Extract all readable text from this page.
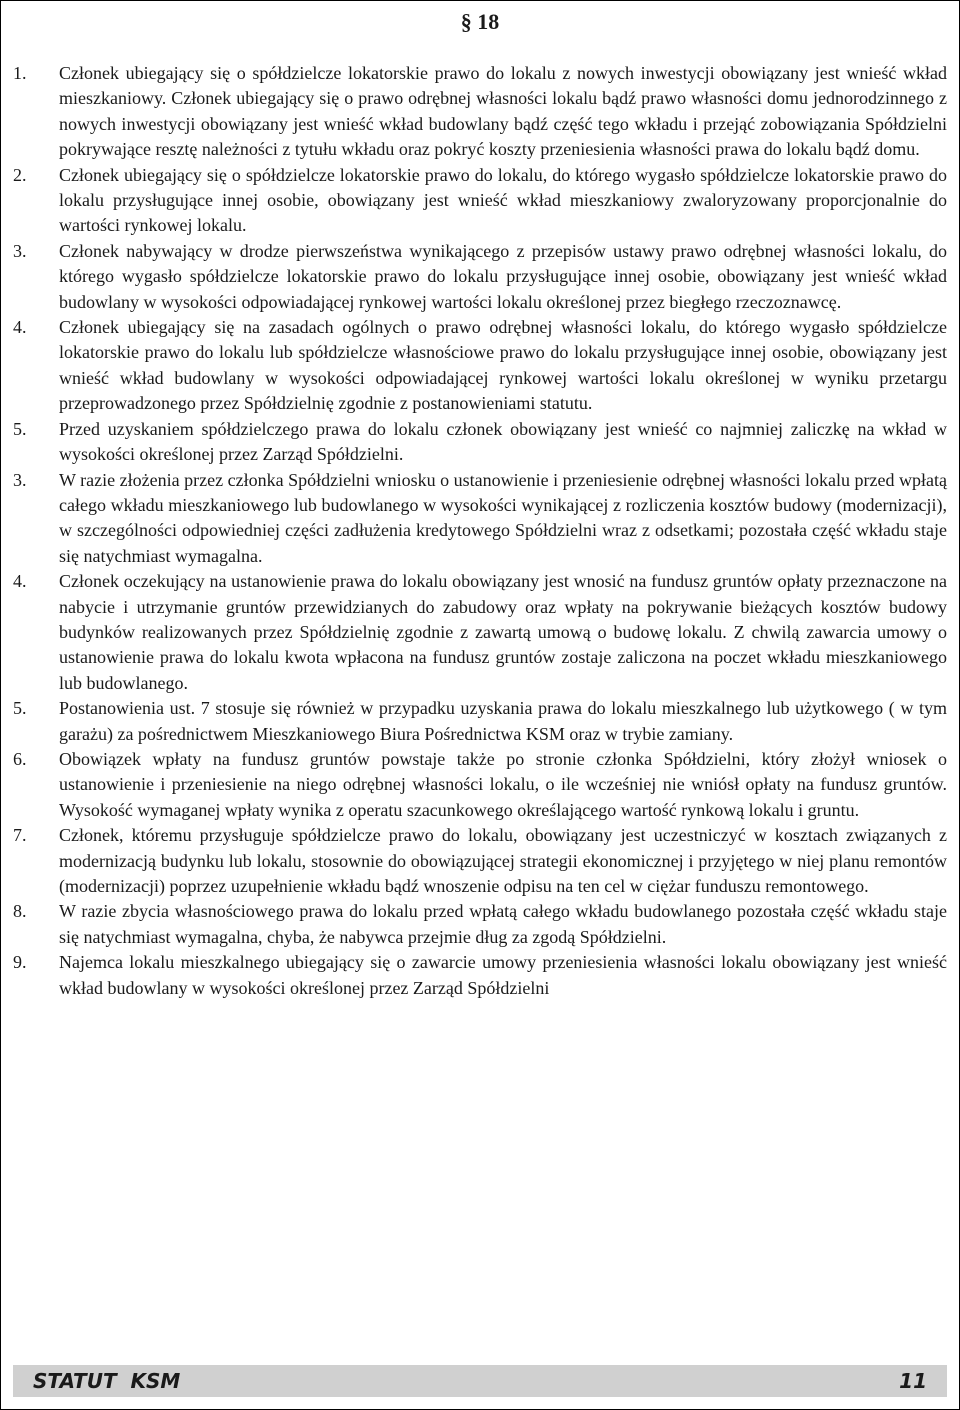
§ 18
1. Członek ubiegający się o spółdzielcze lokatorskie prawo do lokalu z nowych inwestycji obowiązany jest wnieść wkład mieszkaniowy. Członek ubiegający się o prawo odrębnej własności lokalu bądź prawo własności domu jednorodzinnego z nowych inwestycji obowiązany jest wnieść wkład budowlany bądź część tego wkładu i przejąć zobowiązania Spółdzielni pokrywające resztę należności z tytułu wkładu oraz pokryć koszty przeniesienia własności prawa do lokalu bądź domu.
2. Członek ubiegający się o spółdzielcze lokatorskie prawo do lokalu, do którego wygasło spółdzielcze lokatorskie prawo do lokalu przysługujące innej osobie, obowiązany jest wnieść wkład mieszkaniowy zwaloryzowany proporcjonalnie do wartości rynkowej lokalu.
3. Członek nabywający w drodze pierwszeństwa wynikającego z przepisów ustawy prawo odrębnej własności lokalu, do którego wygasło spółdzielcze lokatorskie prawo do lokalu przysługujące innej osobie, obowiązany jest wnieść wkład budowlany w wysokości odpowiadającej rynkowej wartości lokalu określonej przez biegłego rzeczoznawcę.
4. Członek ubiegający się na zasadach ogólnych o prawo odrębnej własności lokalu, do którego wygasło spółdzielcze lokatorskie prawo do lokalu lub spółdzielcze własnościowe prawo do lokalu przysługujące innej osobie, obowiązany jest wnieść wkład budowlany w wysokości odpowiadającej rynkowej wartości lokalu określonej w wyniku przetargu przeprowadzonego przez Spółdzielnię zgodnie z postanowieniami statutu.
5. Przed uzyskaniem spółdzielczego prawa do lokalu członek obowiązany jest wnieść co najmniej zaliczkę na wkład w wysokości określonej przez Zarząd Spółdzielni.
3. W razie złożenia przez członka Spółdzielni wniosku o ustanowienie i przeniesienie odrębnej własności lokalu przed wpłatą całego wkładu mieszkaniowego lub budowlanego w wysokości wynikającej z rozliczenia kosztów budowy (modernizacji), w szczególności odpowiedniej części zadłużenia kredytowego Spółdzielni wraz z odsetkami; pozostała część wkładu staje się natychmiast wymagalna.
4. Członek oczekujący na ustanowienie prawa do lokalu obowiązany jest wnosić na fundusz gruntów opłaty przeznaczone na nabycie i utrzymanie gruntów przewidzianych do zabudowy oraz wpłaty na pokrywanie bieżących kosztów budowy budynków realizowanych przez Spółdzielnię zgodnie z zawartą umową o budowę lokalu. Z chwilą zawarcia umowy o ustanowienie prawa do lokalu kwota wpłacona na fundusz gruntów zostaje zaliczona na poczet wkładu mieszkaniowego lub budowlanego.
5. Postanowienia ust. 7 stosuje się również w przypadku uzyskania prawa do lokalu mieszkalnego lub użytkowego ( w tym garażu) za pośrednictwem Mieszkaniowego Biura Pośrednictwa KSM oraz w trybie zamiany.
6. Obowiązek wpłaty na fundusz gruntów powstaje także po stronie członka Spółdzielni, który złożył wniosek o ustanowienie i przeniesienie na niego odrębnej własności lokalu, o ile wcześniej nie wniósł opłaty na fundusz gruntów. Wysokość wymaganej wpłaty wynika z operatu szacunkowego określającego wartość rynkową lokalu i gruntu.
7. Członek, któremu przysługuje spółdzielcze prawo do lokalu, obowiązany jest uczestniczyć w kosztach związanych z modernizacją budynku lub lokalu, stosownie do obowiązującej strategii ekonomicznej i przyjętego w niej planu remontów (modernizacji) poprzez uzupełnienie wkładu bądź wnoszenie odpisu na ten cel w ciężar funduszu remontowego.
8. W razie zbycia własnościowego prawa do lokalu przed wpłatą całego wkładu budowlanego pozostała część wkładu staje się natychmiast wymagalna, chyba, że nabywca przejmie dług za zgodą Spółdzielni.
9. Najemca lokalu mieszkalnego ubiegający się o zawarcie umowy przeniesienia własności lokalu obowiązany jest wnieść wkład budowlany w wysokości określonej przez Zarząd Spółdzielni
STATUT  KSM	11
